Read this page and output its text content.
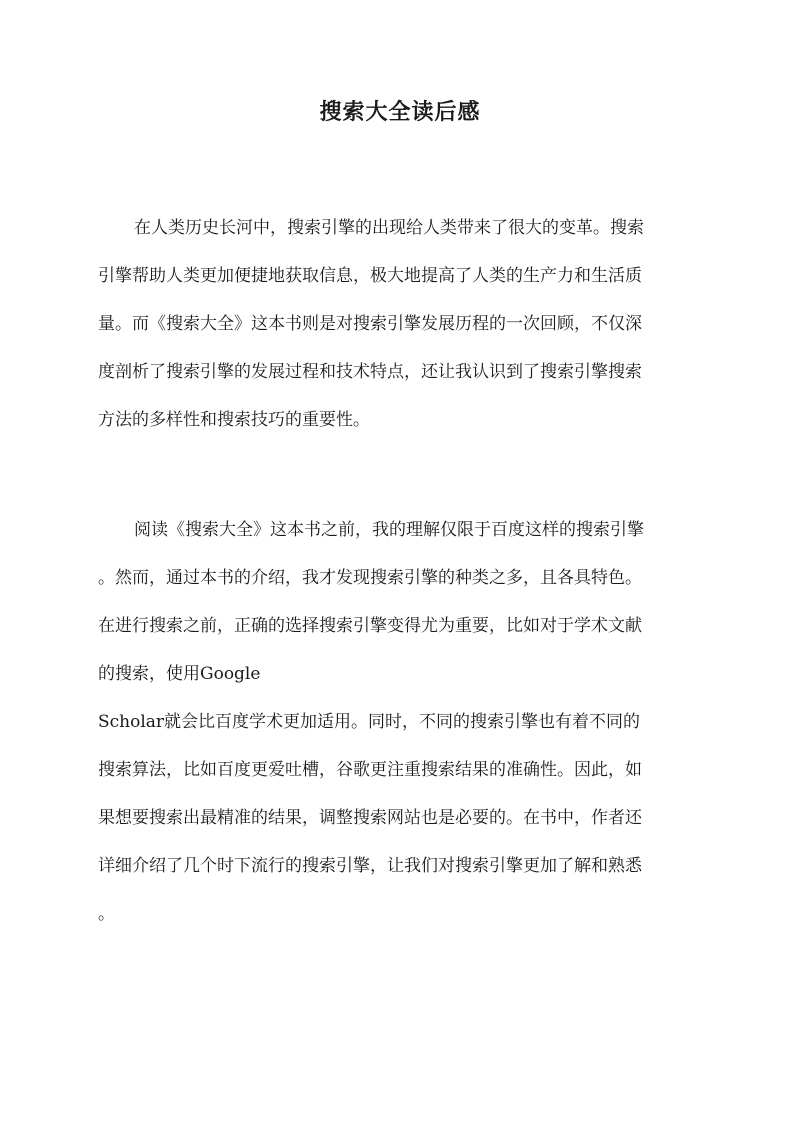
搜索大全读后感
在人类历史长河中，搜索引擎的出现给人类带来了很大的变革。搜索
引擎帮助人类更加便捷地获取信息，极大地提高了人类的生产力和生活质
量。而《搜索大全》这本书则是对搜索引擎发展历程的一次回顾，不仅深
度剖析了搜索引擎的发展过程和技术特点，还让我认识到了搜索引擎搜索
方法的多样性和搜索技巧的重要性。
阅读《搜索大全》这本书之前，我的理解仅限于百度这样的搜索引擎
。然而，通过本书的介绍，我才发现搜索引擎的种类之多，且各具特色。
在进行搜索之前，正确的选择搜索引擎变得尤为重要，比如对于学术文献
的搜索，使用Google
Scholar就会比百度学术更加适用。同时，不同的搜索引擎也有着不同的
搜索算法，比如百度更爱吐槽，谷歌更注重搜索结果的准确性。因此，如
果想要搜索出最精准的结果，调整搜索网站也是必要的。在书中，作者还
详细介绍了几个时下流行的搜索引擎，让我们对搜索引擎更加了解和熟悉
。
